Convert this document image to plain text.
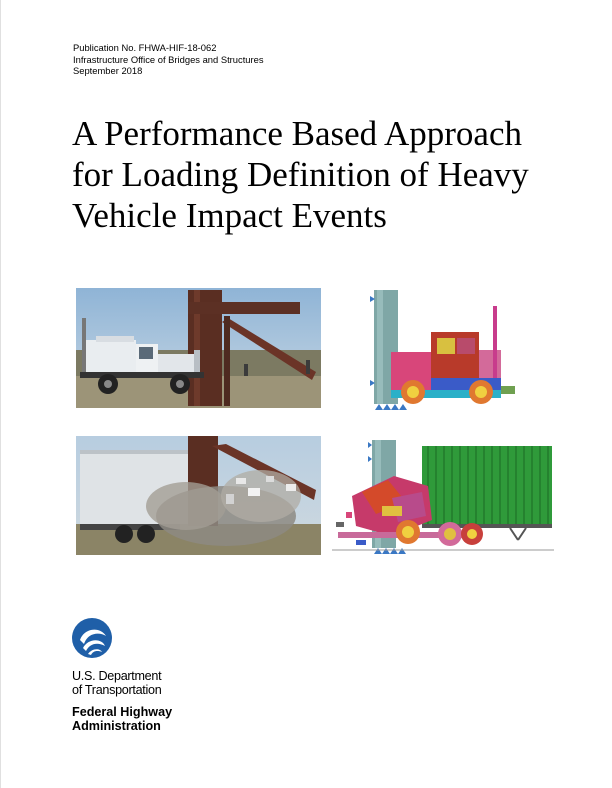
Publication No. FHWA-HIF-18-062
Infrastructure Office of Bridges and Structures
September 2018
A Performance Based Approach
for Loading Definition of Heavy
Vehicle Impact Events
U.S. Department
of Transportation
Federal Highway
Administration
